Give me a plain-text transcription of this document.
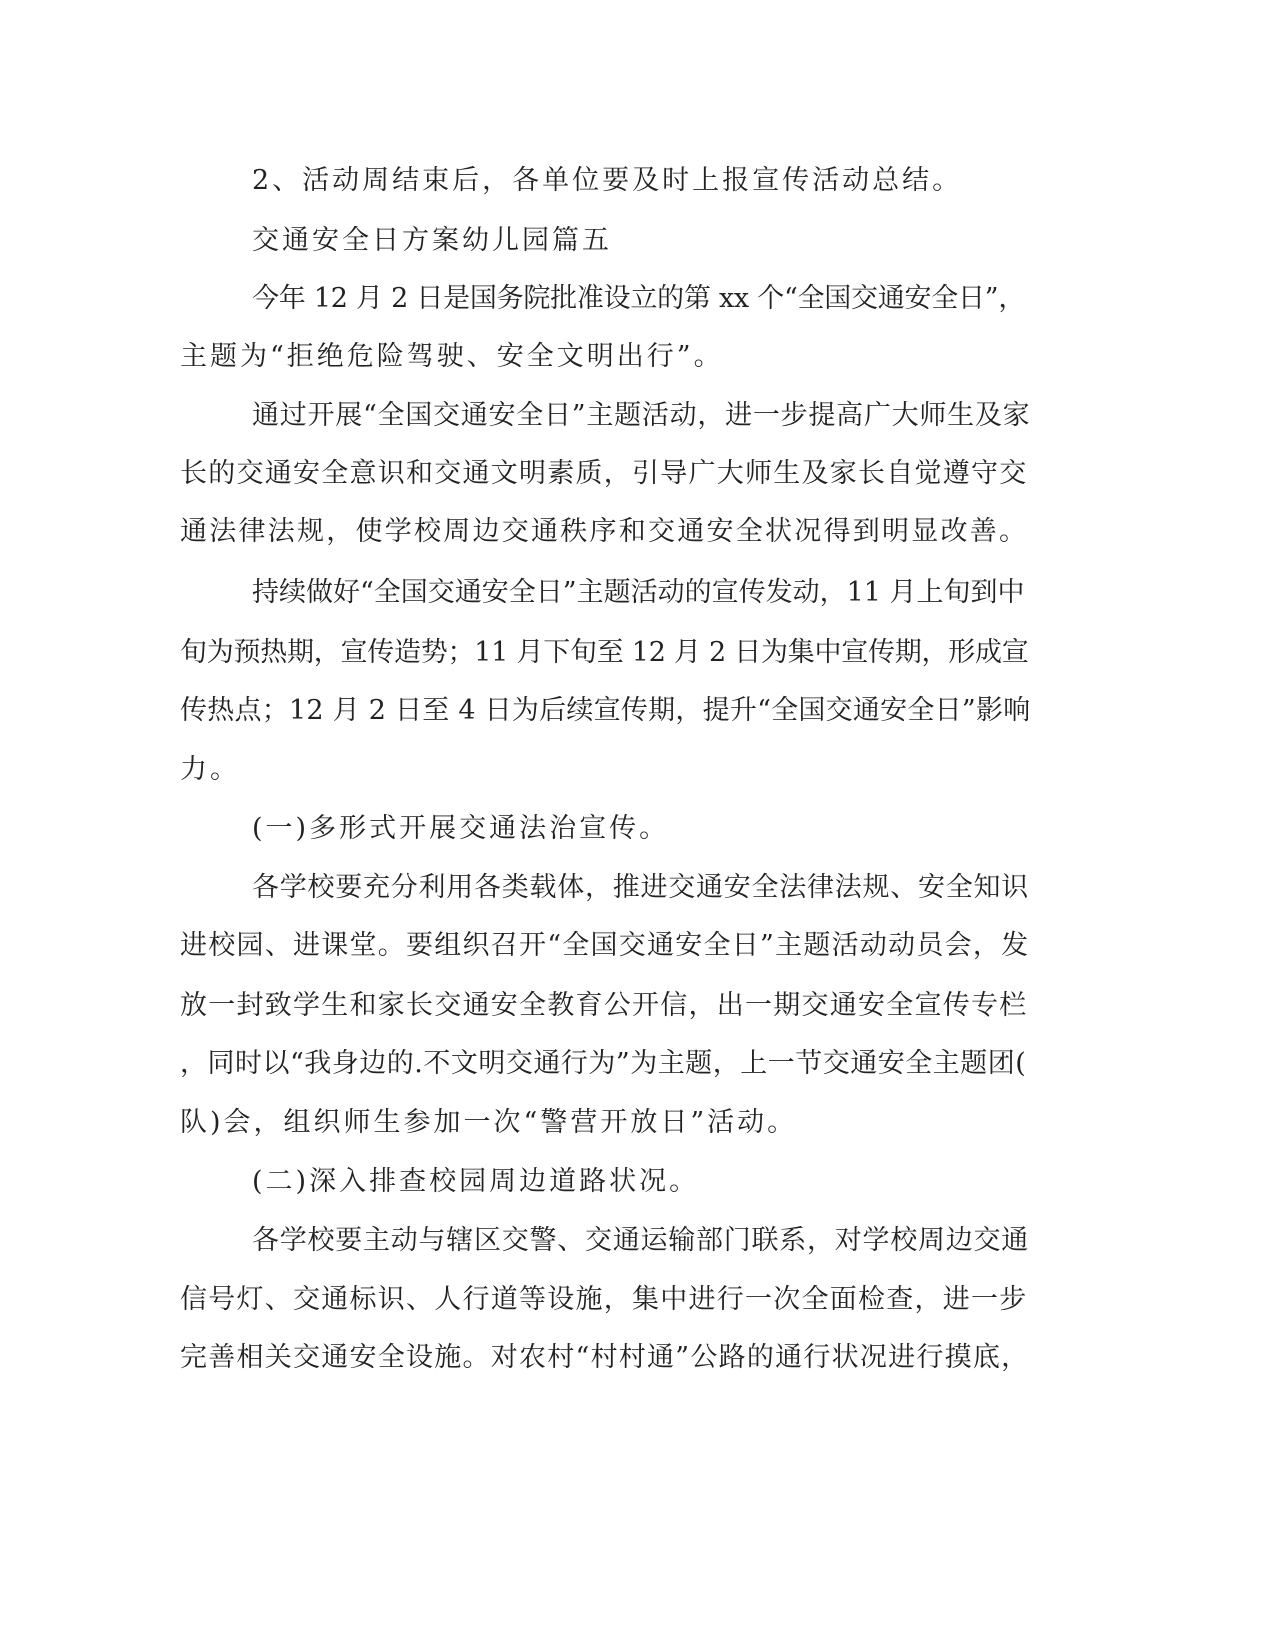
2、活动周结束后，各单位要及时上报宣传活动总结。
交通安全日方案幼儿园篇五
今年 12 月 2 日是国务院批准设立的第 xx 个“全国交通安全日”，
主题为“拒绝危险驾驶、安全文明出行”。
通过开展“全国交通安全日”主题活动，进一步提高广大师生及家
长的交通安全意识和交通文明素质，引导广大师生及家长自觉遵守交
通法律法规，使学校周边交通秩序和交通安全状况得到明显改善。
持续做好“全国交通安全日”主题活动的宣传发动，11 月上旬到中
旬为预热期，宣传造势；11 月下旬至 12 月 2 日为集中宣传期，形成宣
传热点；12 月 2 日至 4 日为后续宣传期，提升“全国交通安全日”影响
力。
(一)多形式开展交通法治宣传。
各学校要充分利用各类载体，推进交通安全法律法规、安全知识
进校园、进课堂。要组织召开“全国交通安全日”主题活动动员会，发
放一封致学生和家长交通安全教育公开信，出一期交通安全宣传专栏
，同时以“我身边的.不文明交通行为”为主题，上一节交通安全主题团(
队)会，组织师生参加一次“警营开放日”活动。
(二)深入排查校园周边道路状况。
各学校要主动与辖区交警、交通运输部门联系，对学校周边交通
信号灯、交通标识、人行道等设施，集中进行一次全面检查，进一步
完善相关交通安全设施。对农村“村村通”公路的通行状况进行摸底，
